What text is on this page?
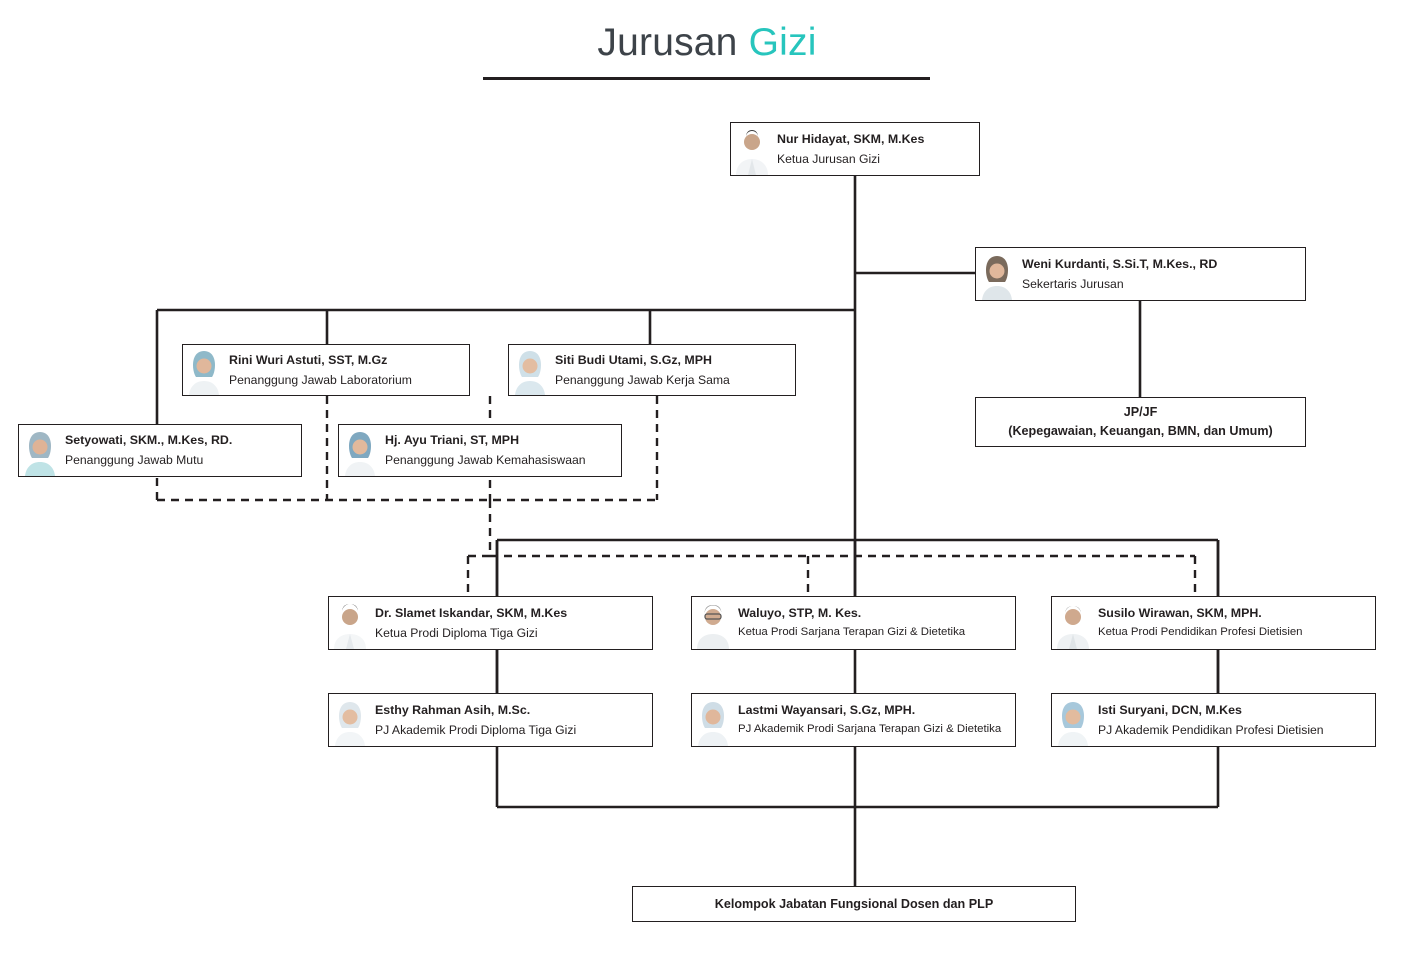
Jurusan Gizi
Nur Hidayat, SKM, M.Kes
Ketua Jurusan Gizi
Weni Kurdanti, S.Si.T, M.Kes., RD
Sekertaris Jurusan
JP/JF
(Kepegawaian, Keuangan, BMN, dan Umum)
Rini Wuri Astuti, SST, M.Gz
Penanggung Jawab Laboratorium
Siti Budi Utami, S.Gz, MPH
Penanggung Jawab Kerja Sama
Setyowati, SKM., M.Kes, RD.
Penanggung Jawab Mutu
Hj. Ayu Triani, ST, MPH
Penanggung Jawab Kemahasiswaan
Dr. Slamet Iskandar, SKM, M.Kes
Ketua Prodi Diploma Tiga Gizi
Waluyo, STP, M. Kes.
Ketua Prodi Sarjana Terapan Gizi & Dietetika
Susilo Wirawan, SKM, MPH.
Ketua Prodi Pendidikan Profesi Dietisien
Esthy Rahman Asih, M.Sc.
PJ Akademik Prodi Diploma Tiga Gizi
Lastmi Wayansari, S.Gz, MPH.
PJ Akademik Prodi Sarjana Terapan Gizi & Dietetika
Isti Suryani, DCN, M.Kes
PJ Akademik Pendidikan Profesi Dietisien
Kelompok Jabatan Fungsional Dosen dan PLP
